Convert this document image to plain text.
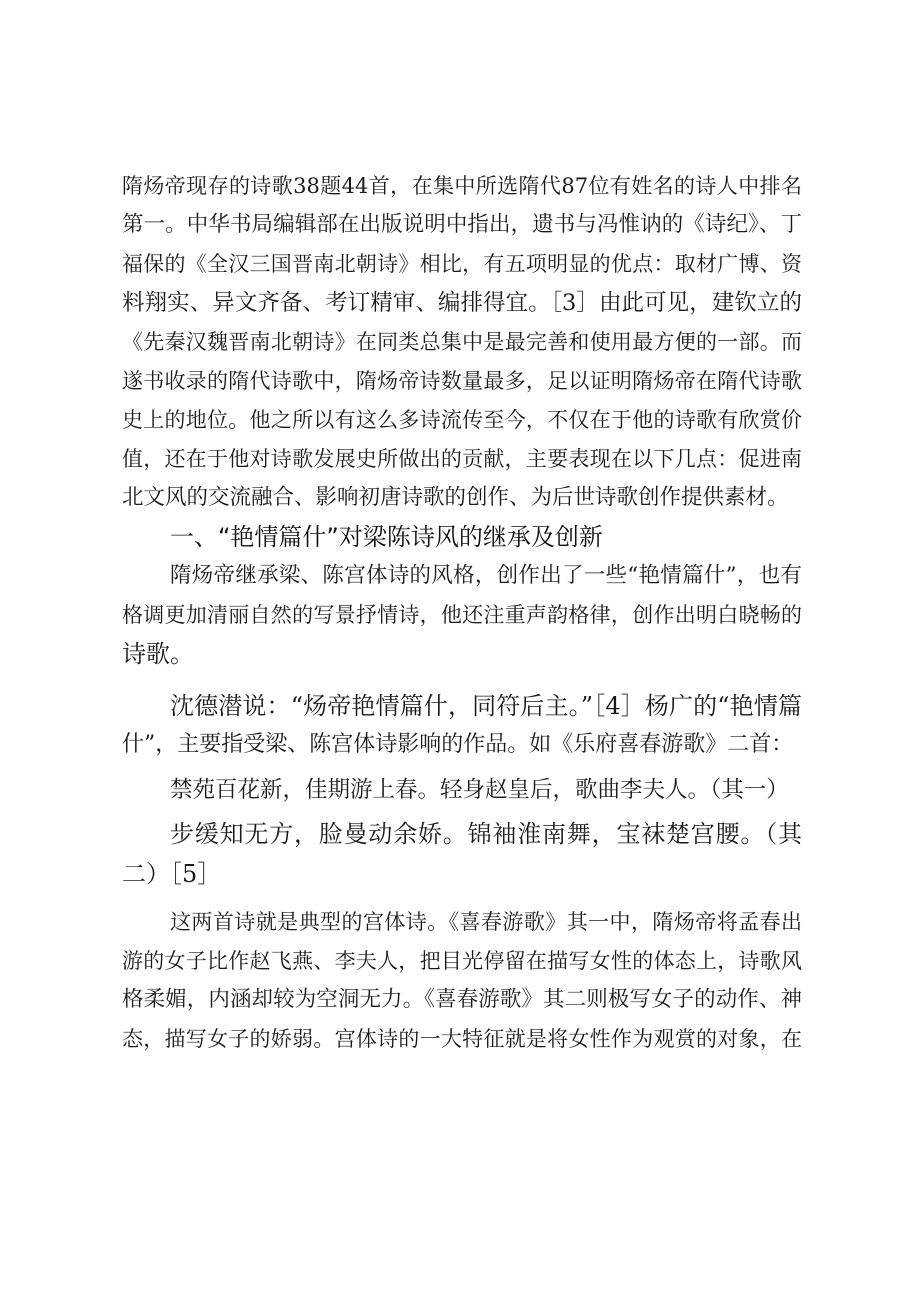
隋炀帝现存的诗歌38题44首，在集中所选隋代87位有姓名的诗人中排名
第一。中华书局编辑部在出版说明中指出，遗书与冯惟讷的《诗纪》、丁
福保的《全汉三国晋南北朝诗》相比，有五项明显的优点：取材广博、资
料翔实、异文齐备、考订精审、编排得宜。［3］由此可见，建钦立的
《先秦汉魏晋南北朝诗》在同类总集中是最完善和使用最方便的一部。而
遂书收录的隋代诗歌中，隋炀帝诗数量最多，足以证明隋炀帝在隋代诗歌
史上的地位。他之所以有这么多诗流传至今，不仅在于他的诗歌有欣赏价
值，还在于他对诗歌发展史所做出的贡献，主要表现在以下几点：促进南
北文风的交流融合、影响初唐诗歌的创作、为后世诗歌创作提供素材。
一、“艳情篇什”对梁陈诗风的继承及创新
隋炀帝继承梁、陈宫体诗的风格，创作出了一些“艳情篇什”，也有
格调更加清丽自然的写景抒情诗，他还注重声韵格律，创作出明白晓畅的
诗歌。
沈德潜说：“炀帝艳情篇什，同符后主。”［4］杨广的“艳情篇
什”，主要指受梁、陈宫体诗影响的作品。如《乐府喜春游歌》二首：
禁苑百花新，佳期游上春。轻身赵皇后，歌曲李夫人。（其一）
步缓知无方，脸曼动余娇。锦袖淮南舞，宝袜楚宫腰。（其
二）［5］
这两首诗就是典型的宫体诗。《喜春游歌》其一中，隋炀帝将孟春出
游的女子比作赵飞燕、李夫人，把目光停留在描写女性的体态上，诗歌风
格柔媚，内涵却较为空洞无力。《喜春游歌》其二则极写女子的动作、神
态，描写女子的娇弱。宫体诗的一大特征就是将女性作为观赏的对象，在
